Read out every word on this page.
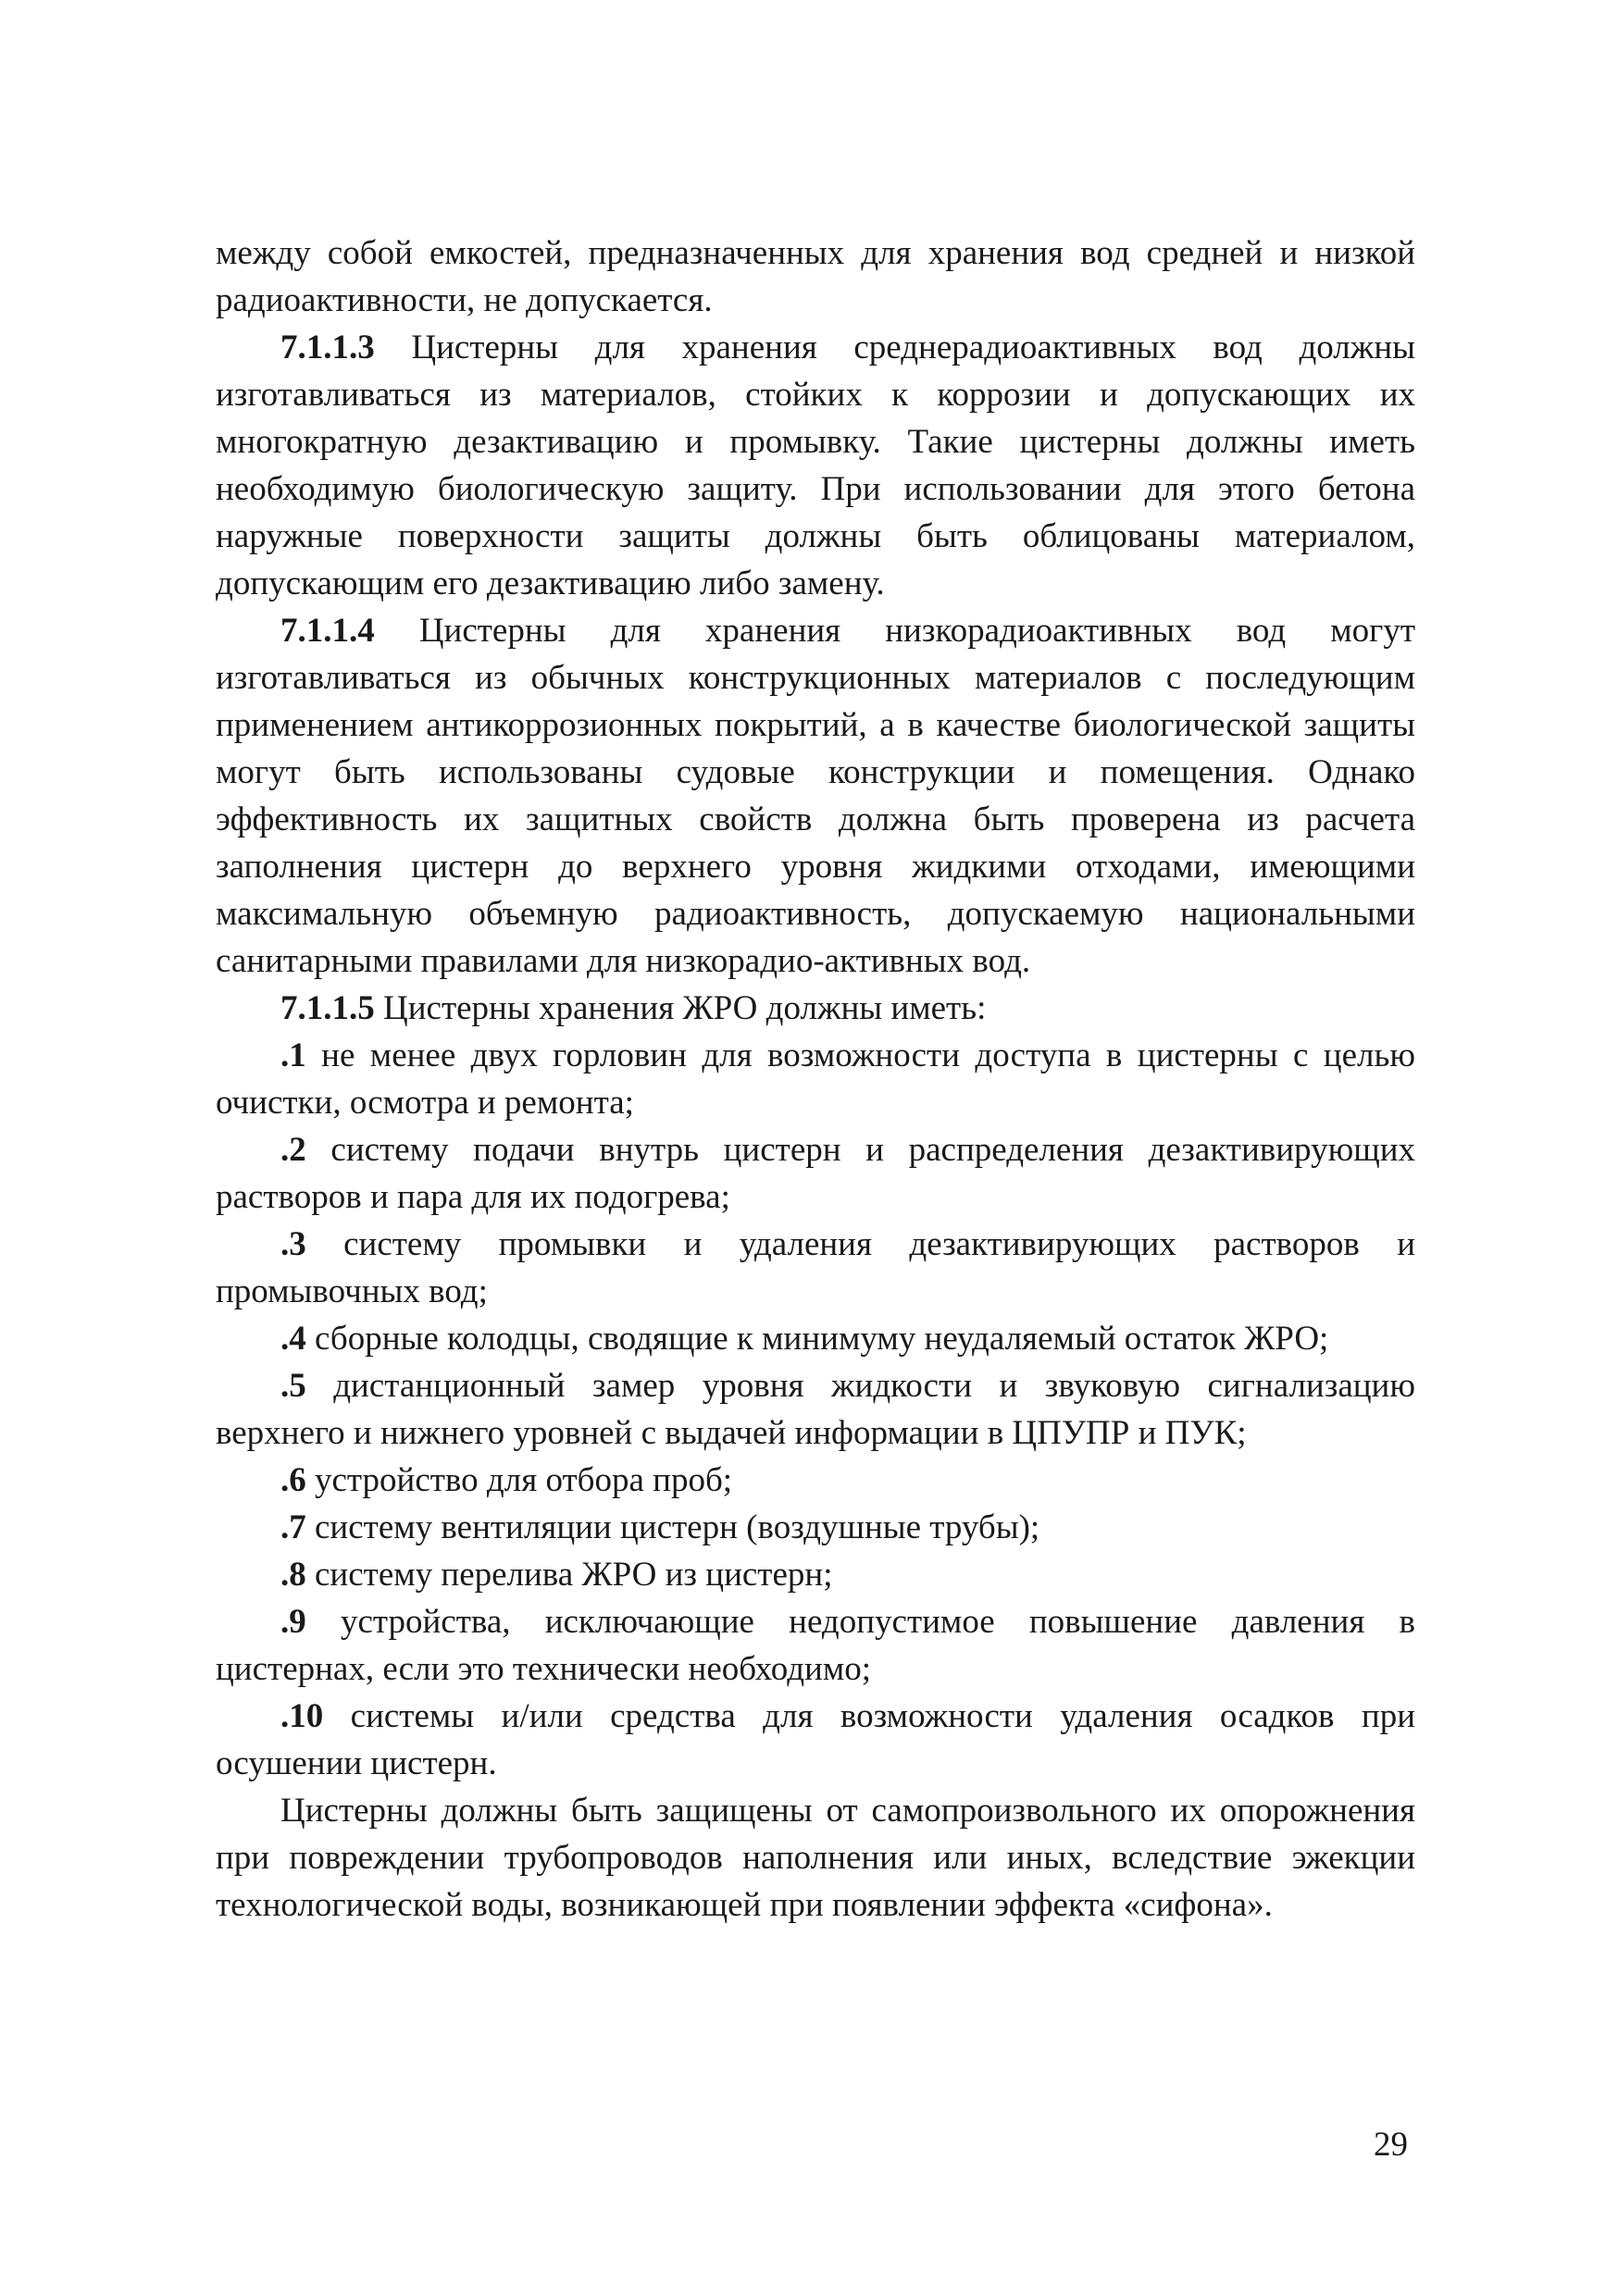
между собой емкостей, предназначенных для хранения вод средней и низкой радиоактивности, не допускается.

7.1.1.3 Цистерны для хранения среднерадиоактивных вод должны изготавливаться из материалов, стойких к коррозии и допускающих их многократную дезактивацию и промывку. Такие цистерны должны иметь необходимую биологическую защиту. При использовании для этого бетона наружные поверхности защиты должны быть облицованы материалом, допускающим его дезактивацию либо замену.

7.1.1.4 Цистерны для хранения низкорадиоактивных вод могут изготавливаться из обычных конструкционных материалов с последующим применением антикоррозионных покрытий, а в качестве биологической защиты могут быть использованы судовые конструкции и помещения. Однако эффективность их защитных свойств должна быть проверена из расчета заполнения цистерн до верхнего уровня жидкими отходами, имеющими максимальную объемную радиоактивность, допускаемую национальными санитарными правилами для низкорадио-активных вод.

7.1.1.5 Цистерны хранения ЖРО должны иметь:

.1 не менее двух горловин для возможности доступа в цистерны с целью очистки, осмотра и ремонта;

.2 систему подачи внутрь цистерн и распределения дезактивирующих растворов и пара для их подогрева;

.3 систему промывки и удаления дезактивирующих растворов и промывочных вод;

.4 сборные колодцы, сводящие к минимуму неудаляемый остаток ЖРО;

.5 дистанционный замер уровня жидкости и звуковую сигнализацию верхнего и нижнего уровней с выдачей информации в ЦПУПР и ПУК;

.6 устройство для отбора проб;

.7 систему вентиляции цистерн (воздушные трубы);

.8 систему перелива ЖРО из цистерн;

.9 устройства, исключающие недопустимое повышение давления в цистернах, если это технически необходимо;

.10 системы и/или средства для возможности удаления осадков при осушении цистерн.

Цистерны должны быть защищены от самопроизвольного их опорожнения при повреждении трубопроводов наполнения или иных, вследствие эжекции технологической воды, возникающей при появлении эффекта «сифона».

29
